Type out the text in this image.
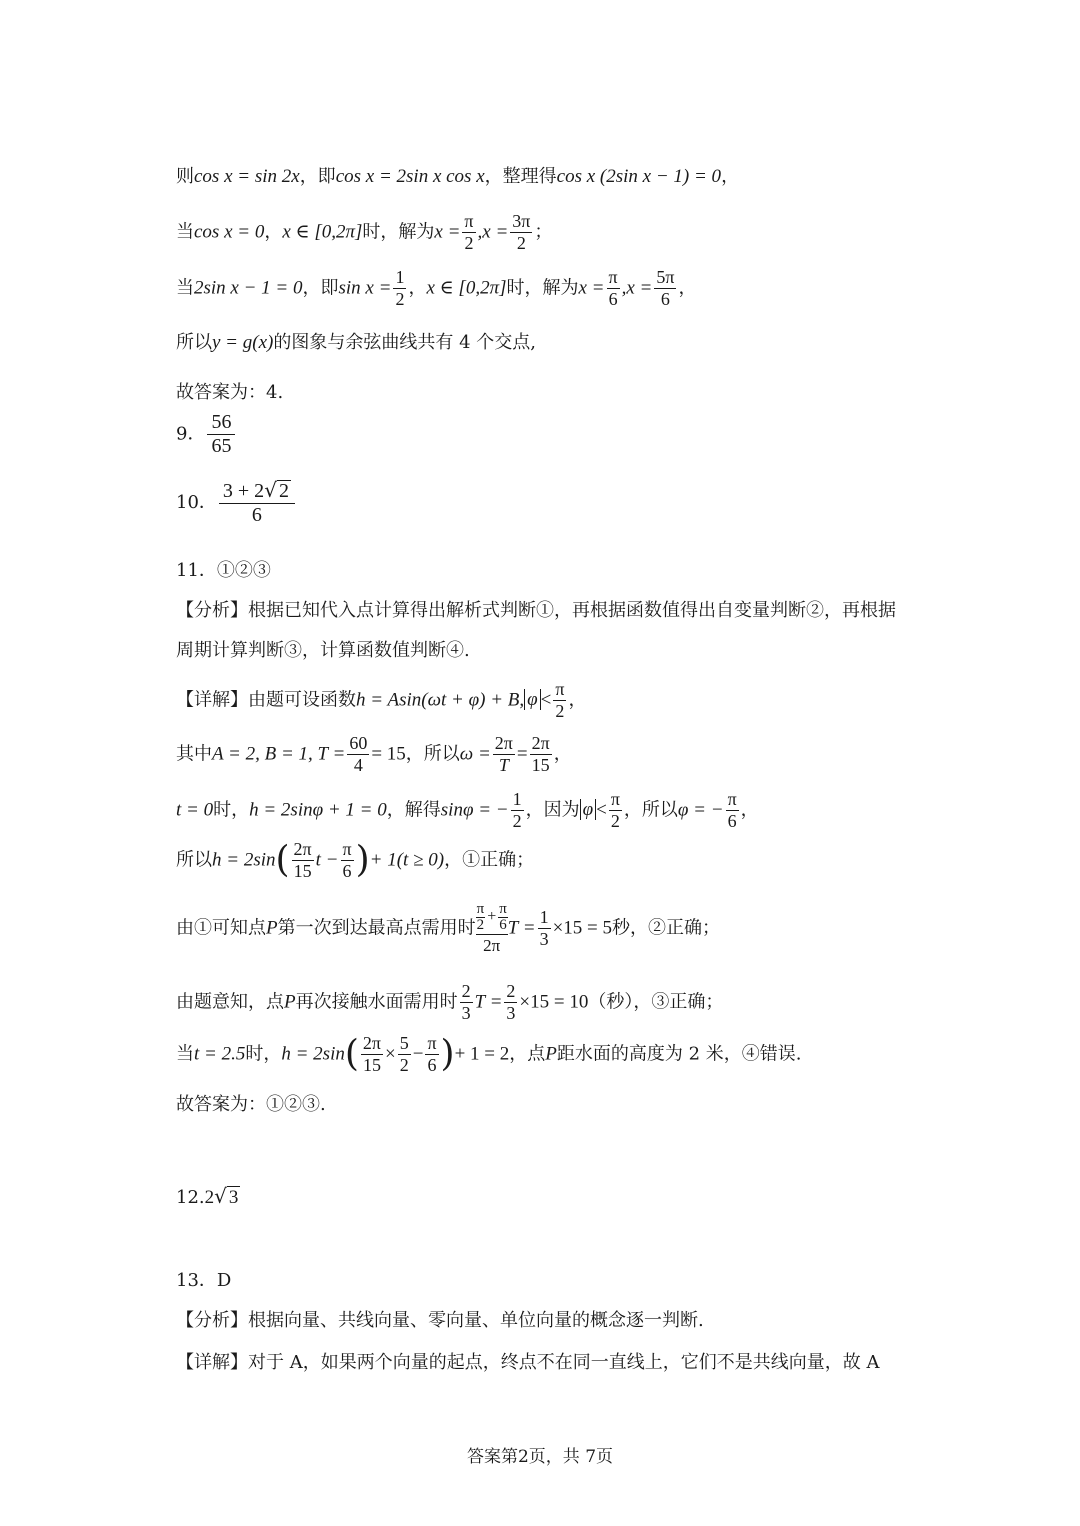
则cos x = sin 2x，即cos x = 2sin x cos x，整理得cos x (2sin x − 1) = 0，
当cos x = 0，x ∈ [0,2π]时，解为$x = \frac{\pi}{2} ,x = \frac{3\pi}{2}$ ；
当2sin x − 1 = 0，即$\sin x = \frac{1}{2}$ ，x ∈ [0,2π]时，解为$x = \frac{\pi}{6} ,x = \frac{5\pi}{6}$ ，
所以y = g(x)的图象与余弦曲线共有 4 个交点,
故答案为：4.
9． $\frac{56}{65}$
10． $\frac{3 + 2√ 2}{6}$
11．①②③
【分析】根据已知代入点计算得出解析式判断①，再根据函数值得出自变量判断②，再根据
周期计算判断③，计算函数值判断④.
【详解】由题可设函数h = Asin(ωt + φ) + B, $\varphi < \frac{\pi}{2}$ ，
其中A = 2, B = 1, $T = \frac{60}{4} = 15$，所以$\omega = \frac{2\pi}{T} = \frac{2\pi}{15}$ ，
t = 0时，h = 2sinφ + 1 = 0，解得sinφ = − $\frac{1}{2}$ ，因为 $\varphi < \frac{\pi}{2}$ ，所以φ = − $\frac{\pi}{6}$ ，
所以$h = 2\sin( \frac{2\pi}{15}$ $t - \frac{\pi}{6}$ )+ 1(t ≥ 0)，①正确；
由①可知点P第一次到达最高点需用时 $\frac{\frac{\pi}{2} + \frac{\pi}{6}}{2\pi}$ $T = \frac{1}{3} \times 15 = 5$秒，②正确；
由题意知，点P再次接触水面需用时 $\frac{2}{3}$ $T = \frac{2}{3} \times 15 = 10$（秒），③正确；
当t = 2.5时，$h = 2\sin( \frac{2\pi}{15} \times \frac{5}{2} - \frac{\pi}{6}$ )+ 1 = 2，点P距水面的高度为 2 米，④错误.
故答案为：①②③.
12.2√ 3
13．D
【分析】根据向量、共线向量、零向量、单位向量的概念逐一判断.
【详解】对于 A，如果两个向量的起点，终点不在同一直线上，它们不是共线向量，故 A
答案第2页，共 7页
